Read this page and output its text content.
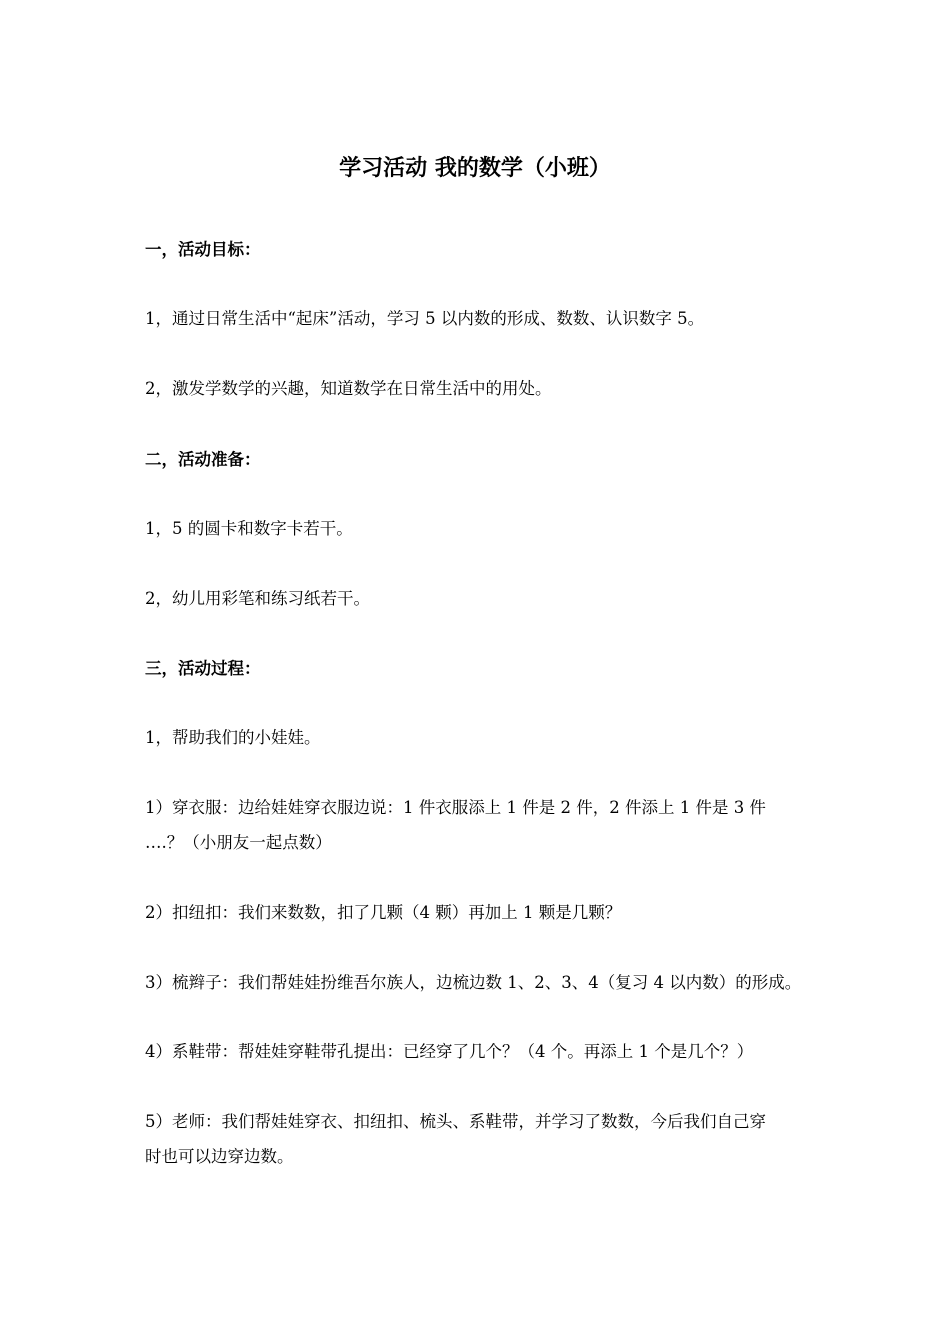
学习活动 我的数学（小班）
一，活动目标：
1，通过日常生活中“起床”活动，学习 5 以内数的形成、数数、认识数字 5。
2，激发学数学的兴趣，知道数学在日常生活中的用处。
二，活动准备：
1，5 的圆卡和数字卡若干。
2，幼儿用彩笔和练习纸若干。
三，活动过程：
1，帮助我们的小娃娃。
1）穿衣服：边给娃娃穿衣服边说：1 件衣服添上 1 件是 2 件，2 件添上 1 件是 3 件
….？（小朋友一起点数）
2）扣纽扣：我们来数数，扣了几颗（4 颗）再加上 1 颗是几颗？
3）梳辫子：我们帮娃娃扮维吾尔族人，边梳边数 1、2、3、4（复习 4 以内数）的形成。
4）系鞋带：帮娃娃穿鞋带孔提出：已经穿了几个？（4 个。再添上 1 个是几个？）
5）老师：我们帮娃娃穿衣、扣纽扣、梳头、系鞋带，并学习了数数，今后我们自己穿
时也可以边穿边数。
